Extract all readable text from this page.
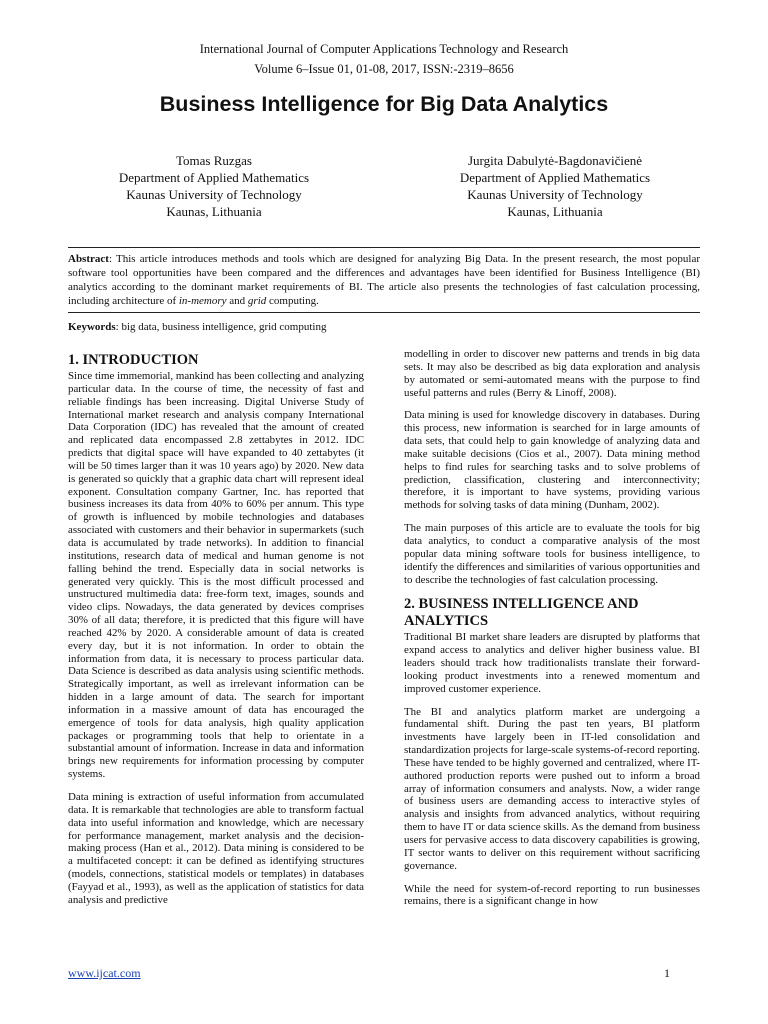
International Journal of Computer Applications Technology and Research
Volume 6–Issue 01, 01-08, 2017, ISSN:-2319–8656
Business Intelligence for Big Data Analytics
Tomas Ruzgas
Department of Applied Mathematics
Kaunas University of Technology
Kaunas, Lithuania
Jurgita Dabulytė-Bagdonavičienė
Department of Applied Mathematics
Kaunas University of Technology
Kaunas, Lithuania
Abstract: This article introduces methods and tools which are designed for analyzing Big Data. In the present research, the most popular software tool opportunities have been compared and the differences and advantages have been identified for Business Intelligence (BI) analytics according to the dominant market requirements of BI. The article also presents the technologies of fast calculation processing, including architecture of in-memory and grid computing.
Keywords: big data, business intelligence, grid computing
1. INTRODUCTION

Since time immemorial, mankind has been collecting and analyzing particular data. In the course of time, the necessity of fast and reliable findings has been increasing. Digital Universe Study of International market research and analysis company International Data Corporation (IDC) has revealed that the amount of created and replicated data encompassed 2.8 zettabytes in 2012. IDC predicts that digital space will have expanded to 40 zettabytes (it will be 50 times larger than it was 10 years ago) by 2020. New data is generated so quickly that a graphic data chart will represent ideal exponent. Consultation company Gartner, Inc. has reported that business increases its data from 40% to 60% per annum. This type of growth is influenced by mobile technologies and databases associated with customers and their behavior in supermarkets (such data is accumulated by trade networks). In addition to financial institutions, research data of medical and human genome is not falling behind the trend. Especially data in social networks is generated very quickly. This is the most difficult processed and unstructured multimedia data: free-form text, images, sounds and video clips. Nowadays, the data generated by devices comprises 30% of all data; therefore, it is predicted that this figure will have reached 42% by 2020. A considerable amount of data is created every day, but it is not information. In order to obtain the information from data, it is necessary to process particular data. Data Science is described as data analysis using scientific methods. Strategically important, as well as irrelevant information can be hidden in a large amount of data. The search for important information in a massive amount of data has encouraged the emergence of tools for data analysis, high quality application packages or programming tools that help to orientate in a substantial amount of information. Increase in data and information brings new requirements for information processing by computer systems.

Data mining is extraction of useful information from accumulated data. It is remarkable that technologies are able to transform factual data into useful information and knowledge, which are necessary for performance management, market analysis and the decision-making process (Han et al., 2012). Data mining is considered to be a multifaceted concept: it can be defined as identifying structures (models, connections, statistical models or templates) in databases (Fayyad et al., 1993), as well as the application of statistics for data analysis and predictive

modelling in order to discover new patterns and trends in big data sets. It may also be described as big data exploration and analysis by automated or semi-automated means with the purpose to find useful patterns and rules (Berry & Linoff, 2008).

Data mining is used for knowledge discovery in databases. During this process, new information is searched for in large amounts of data sets, that could help to gain knowledge of analyzing data and make suitable decisions (Cios et al., 2007). Data mining method helps to find rules for searching tasks and to solve problems of prediction, classification, clustering and interconnectivity; therefore, it is important to have systems, providing various methods for solving tasks of data mining (Dunham, 2002).

The main purposes of this article are to evaluate the tools for big data analytics, to conduct a comparative analysis of the most popular data mining software tools for business intelligence, to identify the differences and similarities of various opportunities and to describe the technologies of fast calculation processing.

2. BUSINESS INTELLIGENCE AND ANALYTICS

Traditional BI market share leaders are disrupted by platforms that expand access to analytics and deliver higher business value. BI leaders should track how traditionalists translate their forward-looking product investments into a renewed momentum and improved customer experience.

The BI and analytics platform market are undergoing a fundamental shift. During the past ten years, BI platform investments have largely been in IT-led consolidation and standardization projects for large-scale systems-of-record reporting. These have tended to be highly governed and centralized, where IT-authored production reports were pushed out to inform a broad array of information consumers and analysts. Now, a wider range of business users are demanding access to interactive styles of analysis and insights from advanced analytics, without requiring them to have IT or data science skills. As the demand from business users for pervasive access to data discovery capabilities is growing, IT sector wants to deliver on this requirement without sacrificing governance.

While the need for system-of-record reporting to run businesses remains, there is a significant change in how

www.ijcat.com	1
